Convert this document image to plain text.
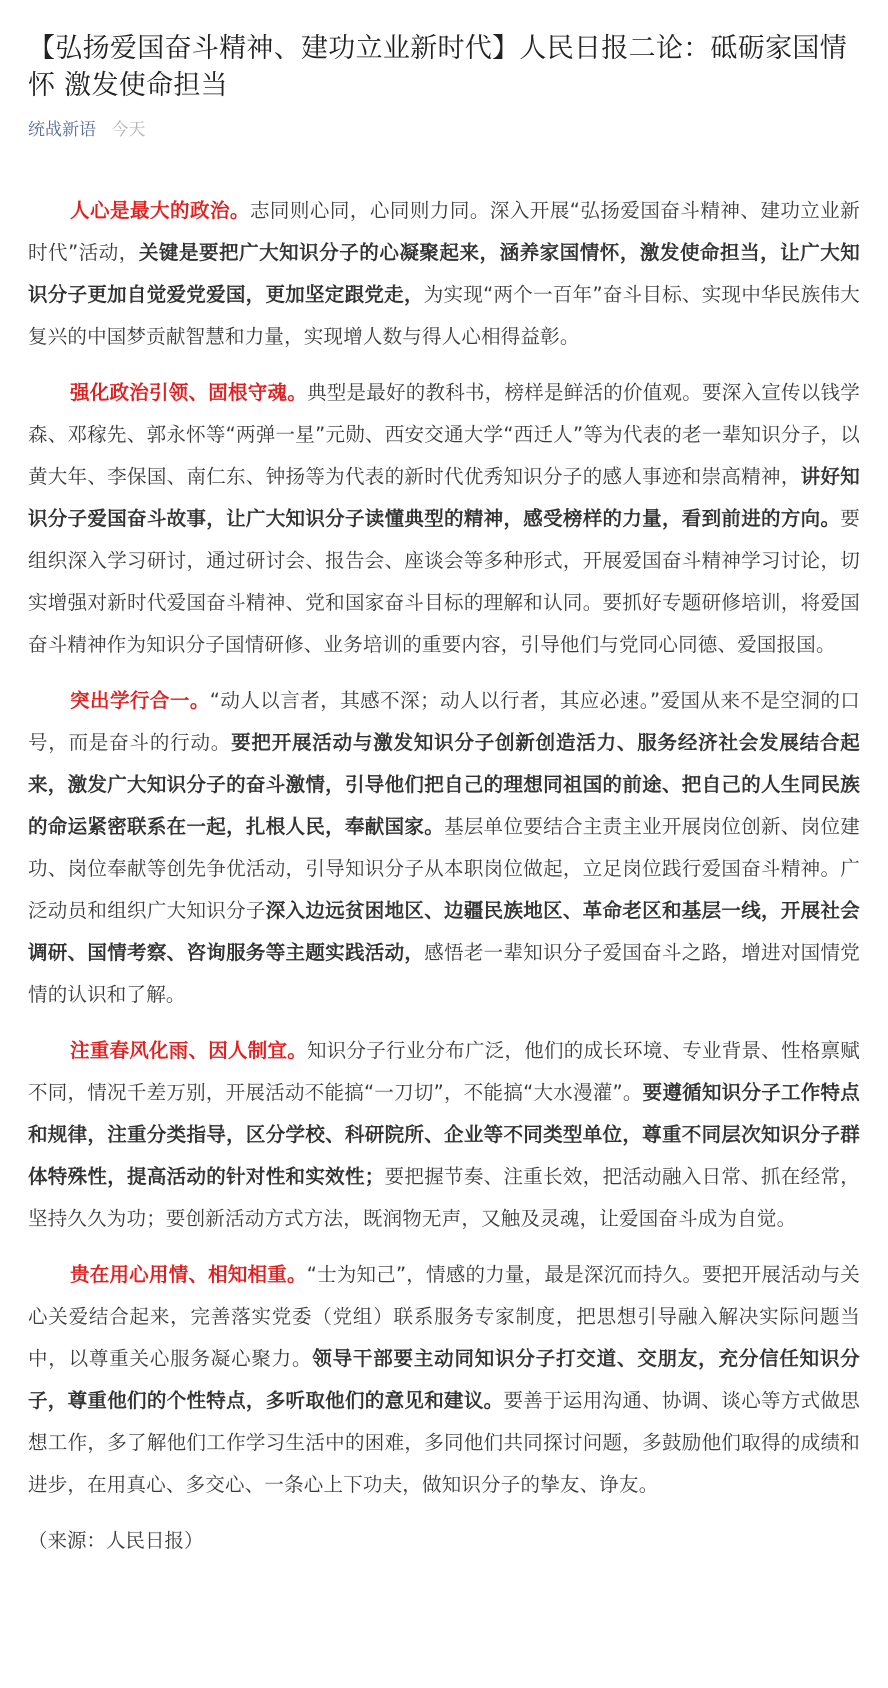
【弘扬爱国奋斗精神、建功立业新时代】人民日报二论：砥砺家国情怀 激发使命担当
统战新语 今天

人心是最大的政治。志同则心同，心同则力同。深入开展“弘扬爱国奋斗精神、建功立业新时代”活动，关键是要把广大知识分子的心凝聚起来，涵养家国情怀，激发使命担当，让广大知识分子更加自觉爱党爱国，更加坚定跟党走，为实现“两个一百年”奋斗目标、实现中华民族伟大复兴的中国梦贡献智慧和力量，实现增人数与得人心相得益彰。

强化政治引领、固根守魂。典型是最好的教科书，榜样是鲜活的价值观。要深入宣传以钱学森、邓稼先、郭永怀等“两弹一星”元勋、西安交通大学“西迁人”等为代表的老一辈知识分子，以黄大年、李保国、南仁东、钟扬等为代表的新时代优秀知识分子的感人事迹和崇高精神，讲好知识分子爱国奋斗故事，让广大知识分子读懂典型的精神，感受榜样的力量，看到前进的方向。要组织深入学习研讨，通过研讨会、报告会、座谈会等多种形式，开展爱国奋斗精神学习讨论，切实增强对新时代爱国奋斗精神、党和国家奋斗目标的理解和认同。要抓好专题研修培训，将爱国奋斗精神作为知识分子国情研修、业务培训的重要内容，引导他们与党同心同德、爱国报国。

突出学行合一。“动人以言者，其感不深；动人以行者，其应必速。”爱国从来不是空洞的口号，而是奋斗的行动。要把开展活动与激发知识分子创新创造活力、服务经济社会发展结合起来，激发广大知识分子的奋斗激情，引导他们把自己的理想同祖国的前途、把自己的人生同民族的命运紧密联系在一起，扎根人民，奉献国家。基层单位要结合主责主业开展岗位创新、岗位建功、岗位奉献等创先争优活动，引导知识分子从本职岗位做起，立足岗位践行爱国奋斗精神。广泛动员和组织广大知识分子深入边远贫困地区、边疆民族地区、革命老区和基层一线，开展社会调研、国情考察、咨询服务等主题实践活动，感悟老一辈知识分子爱国奋斗之路，增进对国情党情的认识和了解。

注重春风化雨、因人制宜。知识分子行业分布广泛，他们的成长环境、专业背景、性格禀赋不同，情况千差万别，开展活动不能搞“一刀切”，不能搞“大水漫灌”。要遵循知识分子工作特点和规律，注重分类指导，区分学校、科研院所、企业等不同类型单位，尊重不同层次知识分子群体特殊性，提高活动的针对性和实效性；要把握节奏、注重长效，把活动融入日常、抓在经常，坚持久久为功；要创新活动方式方法，既润物无声，又触及灵魂，让爱国奋斗成为自觉。

贵在用心用情、相知相重。“士为知己”，情感的力量，最是深沉而持久。要把开展活动与关心关爱结合起来，完善落实党委（党组）联系服务专家制度，把思想引导融入解决实际问题当中，以尊重关心服务凝心聚力。领导干部要主动同知识分子打交道、交朋友，充分信任知识分子，尊重他们的个性特点，多听取他们的意见和建议。要善于运用沟通、协调、谈心等方式做思想工作，多了解他们工作学习生活中的困难，多同他们共同探讨问题，多鼓励他们取得的成绩和进步，在用真心、多交心、一条心上下功夫，做知识分子的挚友、诤友。

（来源：人民日报）
